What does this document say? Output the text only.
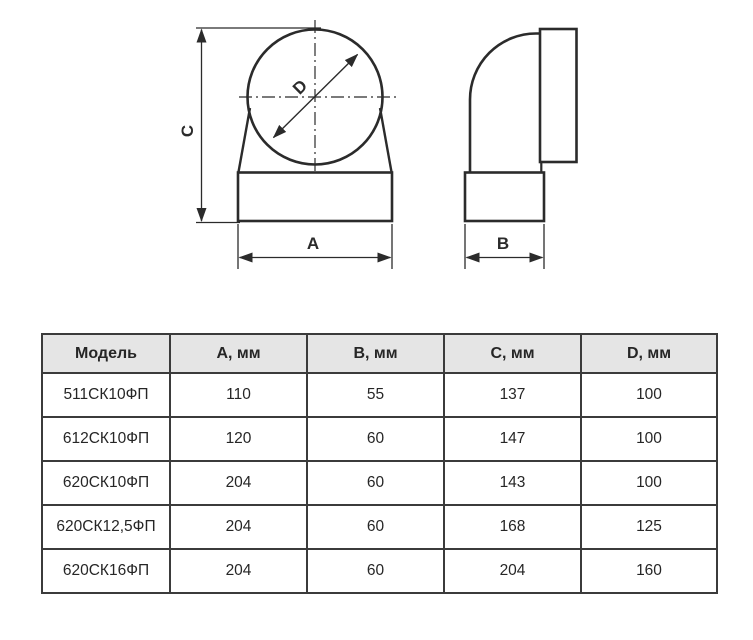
C
D
A	B
Модель	A, мм	B, мм	C, мм	D, мм
511СК10ФП	110	55	137	100
612СК10ФП	120	60	147	100
620СК10ФП	204	60	143	100
620СК12,5ФП	204	60	168	125
620СК16ФП	204	60	204	160
